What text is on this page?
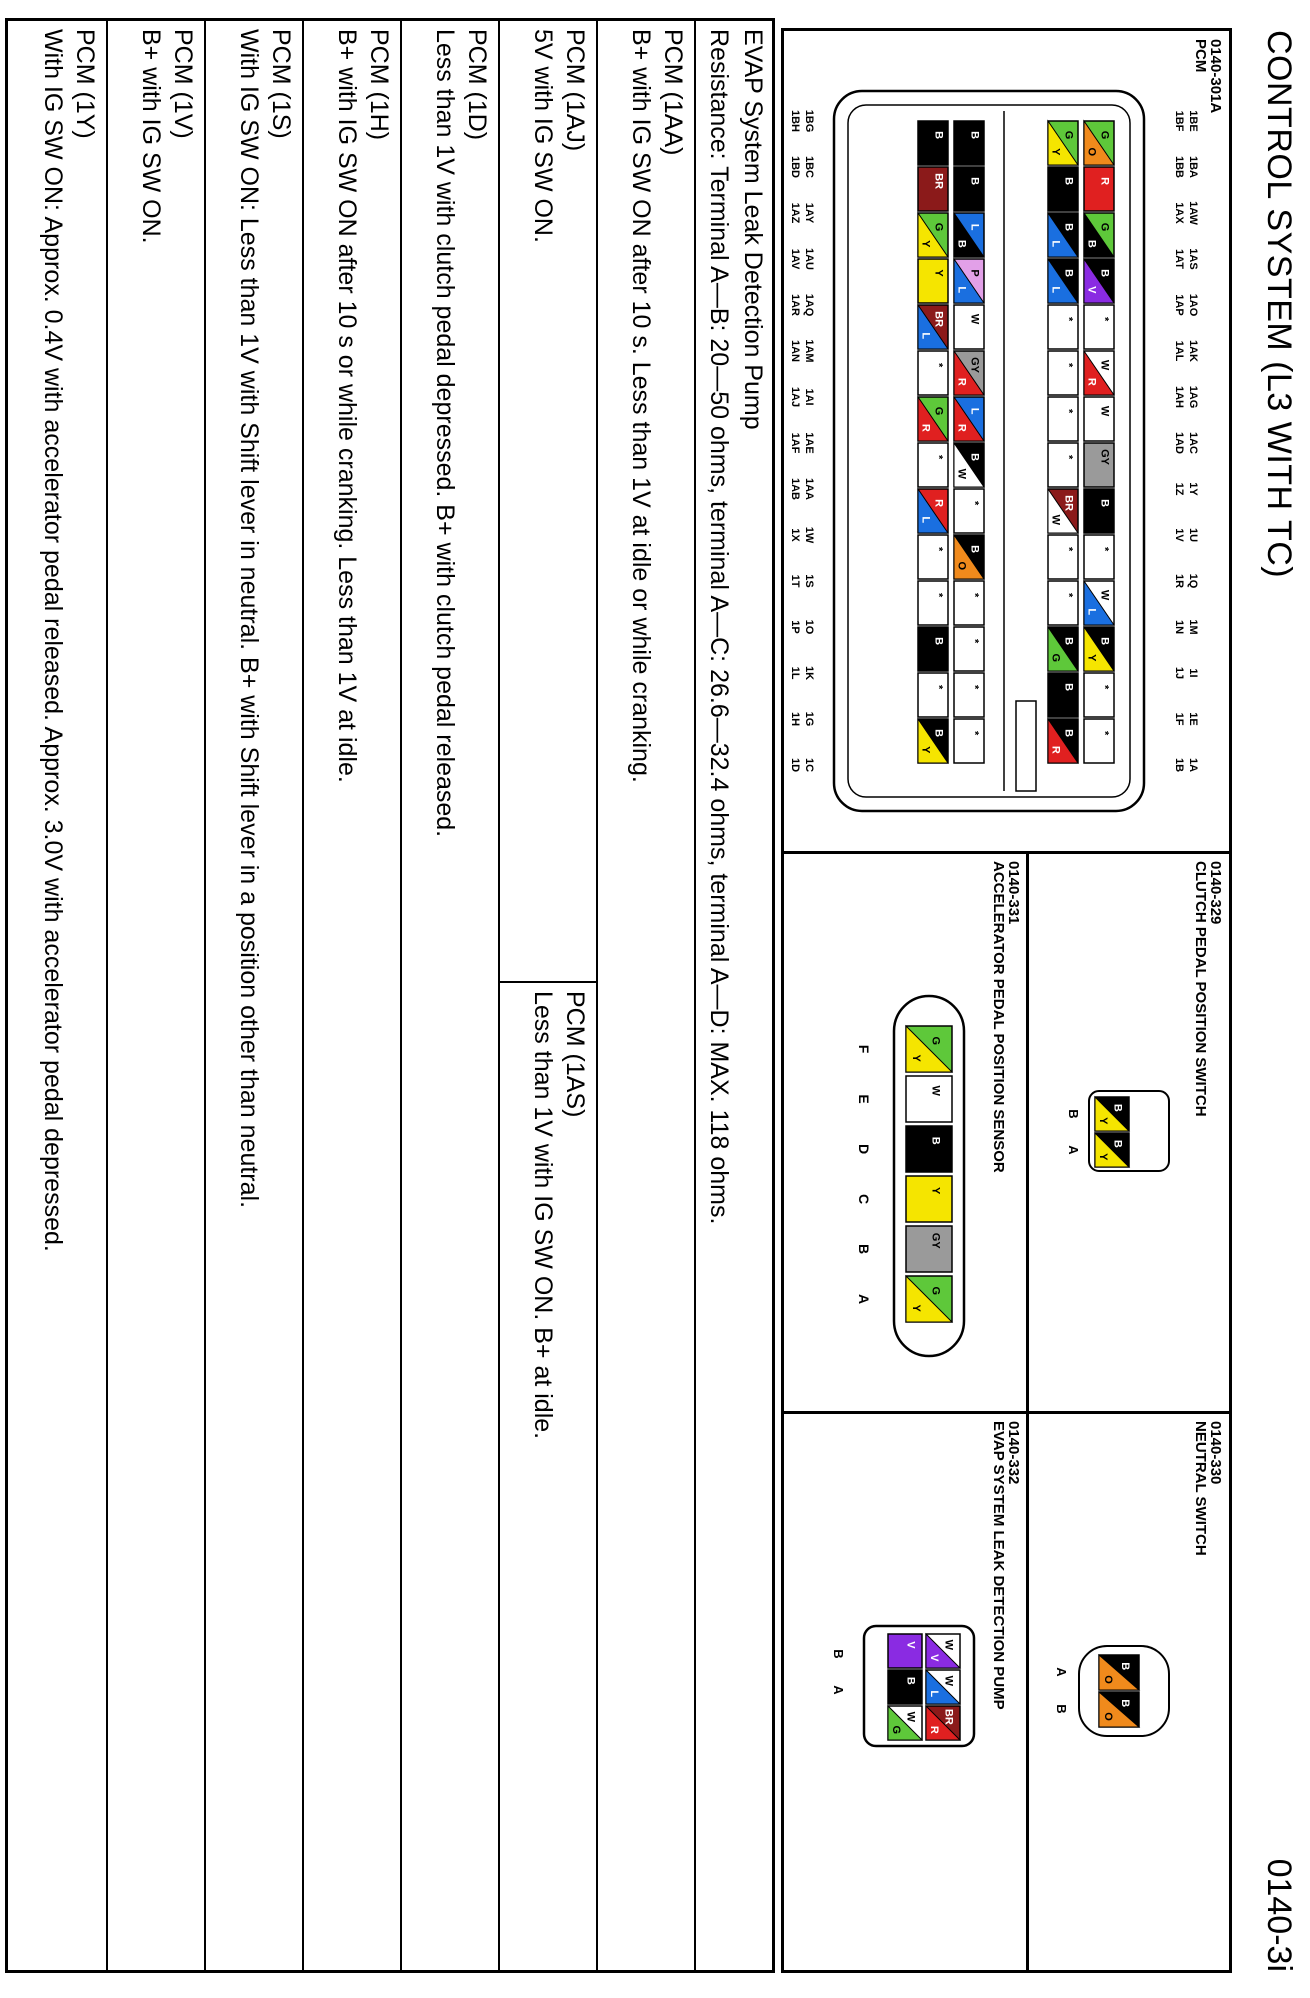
CONTROL SYSTEM (L3 WITH TC)
0140-3i
0140-301A
PCM
0140-329
CLUTCH PEDAL POSITION SWITCH
0140-330
NEUTRAL SWITCH
0140-331
ACCELERATOR PEDAL POSITION SENSOR
0140-332
EVAP SYSTEM LEAK DETECTION PUMP
1BE
1BA
1AW
1AS
1AO
1AK
1AG
1AC
1Y
1U
1Q
1M
1I
1E
1A
1BF
1BB
1AX
1AT
1AP
1AL
1AH
1AD
1Z
1V
1R
1N
1J
1F
1B
1BG
1BC
1AY
1AU
1AQ
1AM
1AI
1AE
1AA
1W
1S
1O
1K
1G
1C
1BH
1BD
1AZ
1AV
1AR
1AN
1AJ
1AF
1AB
1X
1T
1P
1L
1H
1D
G
O
R
G
B
B
V
*
W
R
W
GY
B
*
W
L
B
Y
*
*
G
Y
B
B
L
B
L
*
*
*
*
BR
W
*
*
B
G
B
B
R
B
B
L
B
P
L
W
GY
R
L
R
B
W
*
B
O
*
*
*
*
B
BR
G
Y
Y
BR
L
*
G
R
*
R
L
*
*
B
*
B
Y
B
Y
B
Y
B
A
B
O
B
O
A
B
G
Y
W
B
Y
GY
G
Y
F
E
D
C
B
A
W
V
W
L
BR
R
V
B
W
G
B
A
EVAP System Leak Detection Pump
Resistance: Terminal A—B: 20—50 ohms, terminal A—C: 26.6—32.4 ohms, terminal A—D: MAX. 118 ohms.
PCM (1AA)
B+ with IG SW ON after 10 s. Less than 1V at idle or while cranking.
PCM (1AJ)
5V with IG SW ON.
PCM (1AS)
Less than 1V with IG SW ON. B+ at idle.
PCM (1D)
Less than 1V with clutch pedal depressed. B+ with clutch pedal released.
PCM (1H)
B+ with IG SW ON after 10 s or while cranking. Less than 1V at idle.
PCM (1S)
With IG SW ON: Less than 1V with Shift lever in neutral. B+ with Shift lever in a position other than neutral.
PCM (1V)
B+ with IG SW ON.
PCM (1Y)
With IG SW ON: Approx. 0.4V with accelerator pedal released. Approx. 3.0V with accelerator pedal depressed.
